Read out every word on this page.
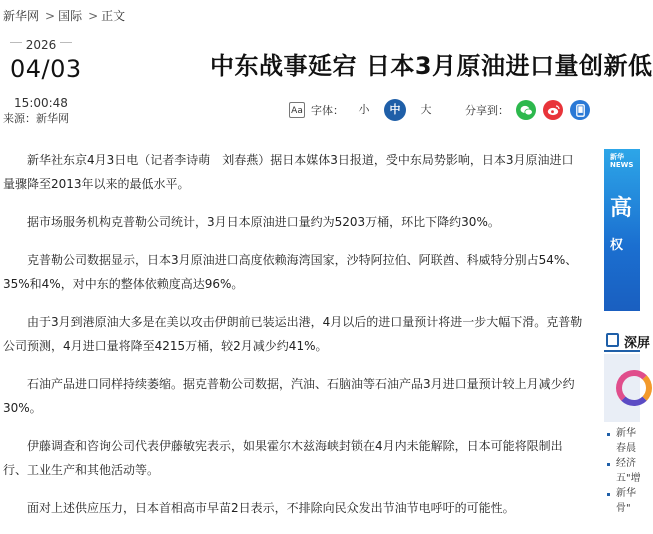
新华网 > 国际 > 正文
2026
04/03
15:00:48
来源：新华网
中东战事延宕 日本3月原油进口量创新低
Aa 字体：	小	中	大	分享到：

新华社东京4月3日电（记者李诗萌　刘春燕）据日本媒体3日报道，受中东局势影响，日本3月原油进口量骤降至2013年以来的最低水平。

据市场服务机构克普勒公司统计，3月日本原油进口量约为5203万桶，环比下降约30%。

克普勒公司数据显示，日本3月原油进口高度依赖海湾国家，沙特阿拉伯、阿联酋、科威特分别占54%、35%和4%，对中东的整体依赖度高达96%。

由于3月到港原油大多是在美以攻击伊朗前已装运出港，4月以后的进口量预计将进一步大幅下滑。克普勒公司预测，4月进口量将降至4215万桶，较2月减少约41%。

石油产品进口同样持续萎缩。据克普勒公司数据，汽油、石脑油等石油产品3月进口量预计较上月减少约30%。

伊藤调查和咨询公司代表伊藤敏宪表示，如果霍尔木兹海峡封锁在4月内未能解除，日本可能将限制出行、工业生产和其他活动等。

面对上述供应压力，日本首相高市早苗2日表示，不排除向民众发出节油节电呼吁的可能性。

新华
NEWS
高
权
深屏
新华
春晨
经济
五"增
新华
骨"
